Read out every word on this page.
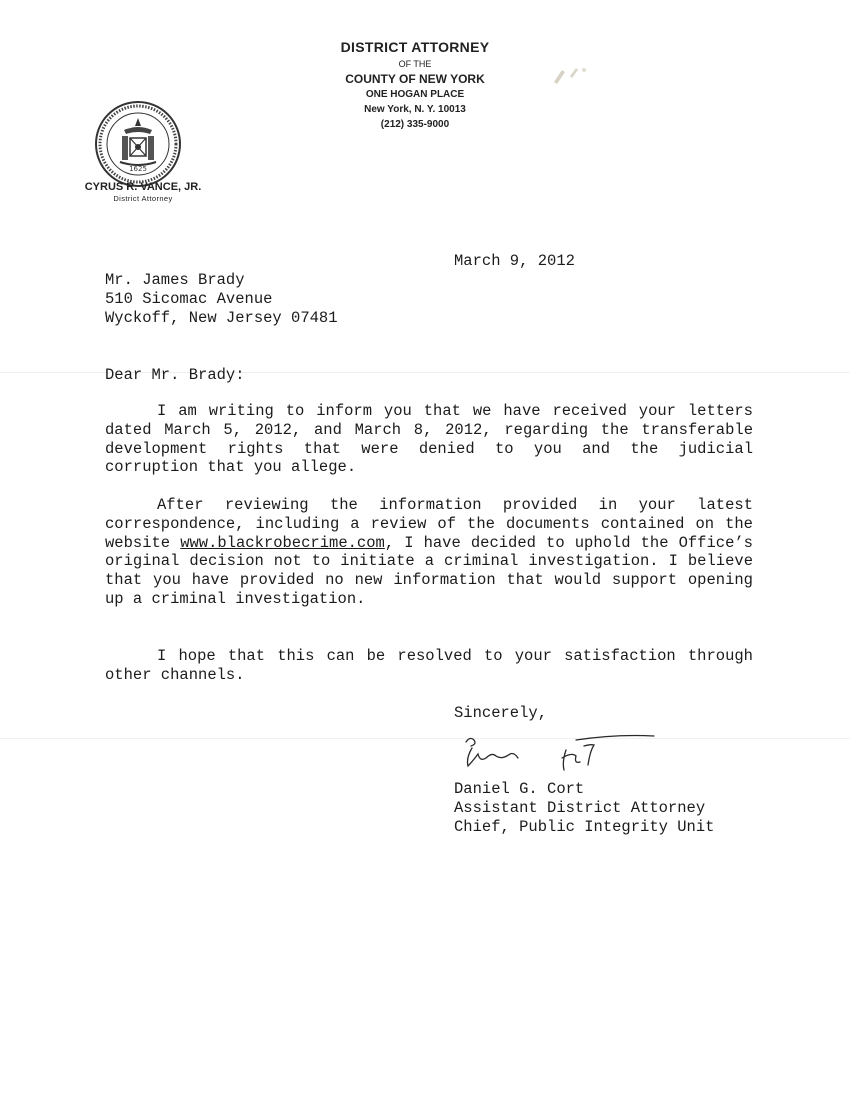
DISTRICT ATTORNEY
OF THE
COUNTY OF NEW YORK
ONE HOGAN PLACE
New York, N. Y. 10013
(212) 335-9000
1625
CYRUS R. VANCE, JR.
District Attorney
March 9, 2012
Mr. James Brady
510 Sicomac Avenue
Wyckoff, New Jersey 07481
Dear Mr. Brady:

I am writing to inform you that we have received your letters dated March 5, 2012, and March 8, 2012, regarding the transferable development rights that were denied to you and the judicial corruption that you allege.

After reviewing the information provided in your latest correspondence, including a review of the documents contained on the website www.blackrobecrime.com, I have decided to uphold the Office’s original decision not to initiate a criminal investigation. I believe that you have provided no new information that would support opening up a criminal investigation.

I hope that this can be resolved to your satisfaction through other channels.

Sincerely,
Daniel G. Cort
Assistant District Attorney
Chief, Public Integrity Unit
